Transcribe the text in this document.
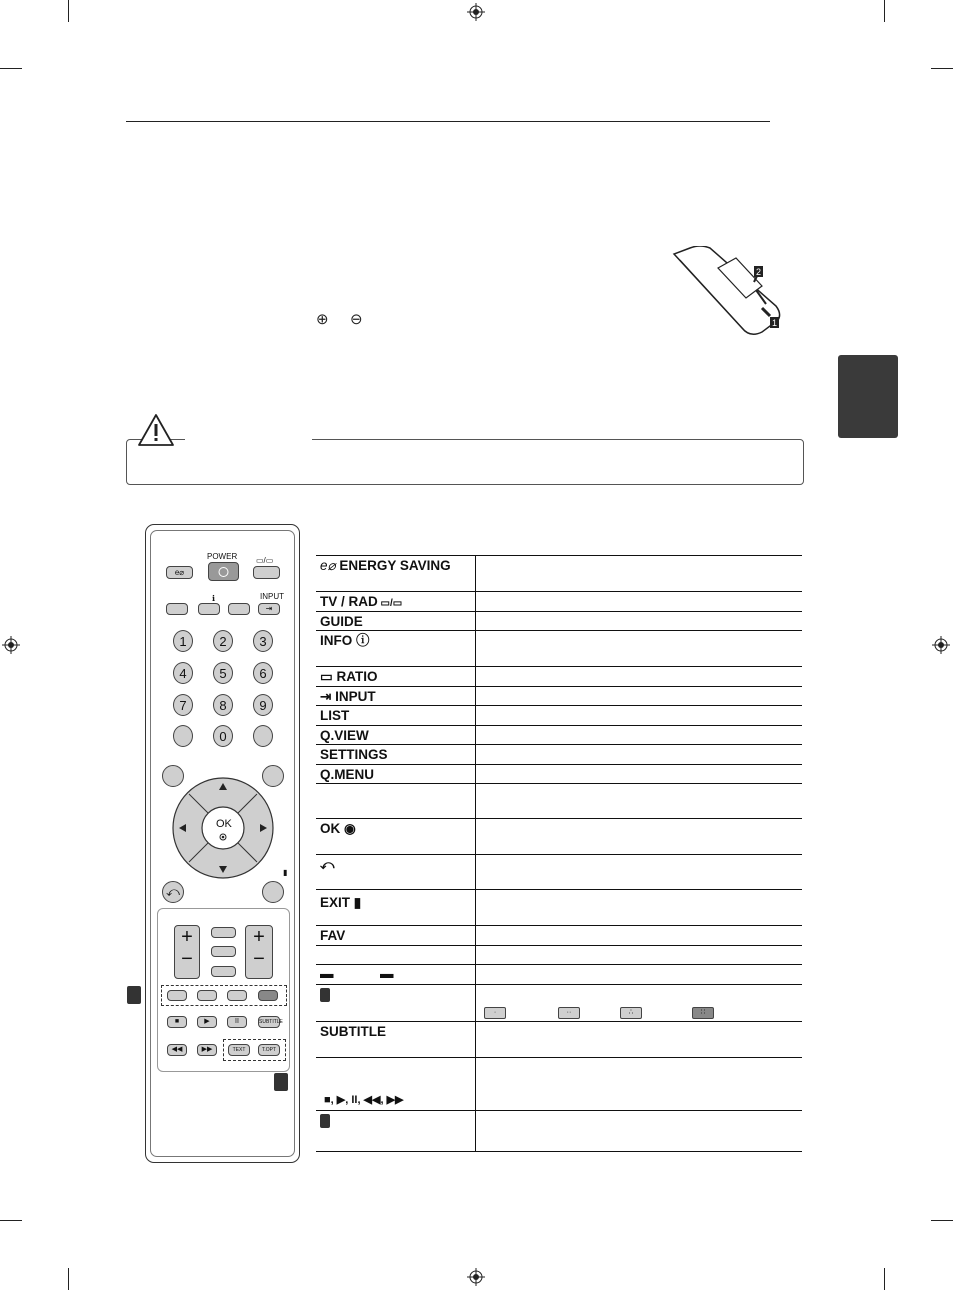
⊕ ⊖
2
1
POWER
e⌀
▭/▭
ℹ	INPUT
⇥
1	2	3
4	5	6
7	8	9
0
OK
⤺
▮
+
−
+
−
■	▶	II	SUBTITLE
◀◀	▶▶	TEXT	T.OPT
e⌀ ENERGY SAVING
TV / RAD ▭/▭
GUIDE
INFO ⓘ
▭ RATIO
⇥ INPUT
LIST
Q.VIEW
SETTINGS
Q.MENU
OK ◉
⤺
EXIT ▮
FAV
▬	▬
·	··	∴	∷
SUBTITLE
■, ▶, II, ◀◀, ▶▶
